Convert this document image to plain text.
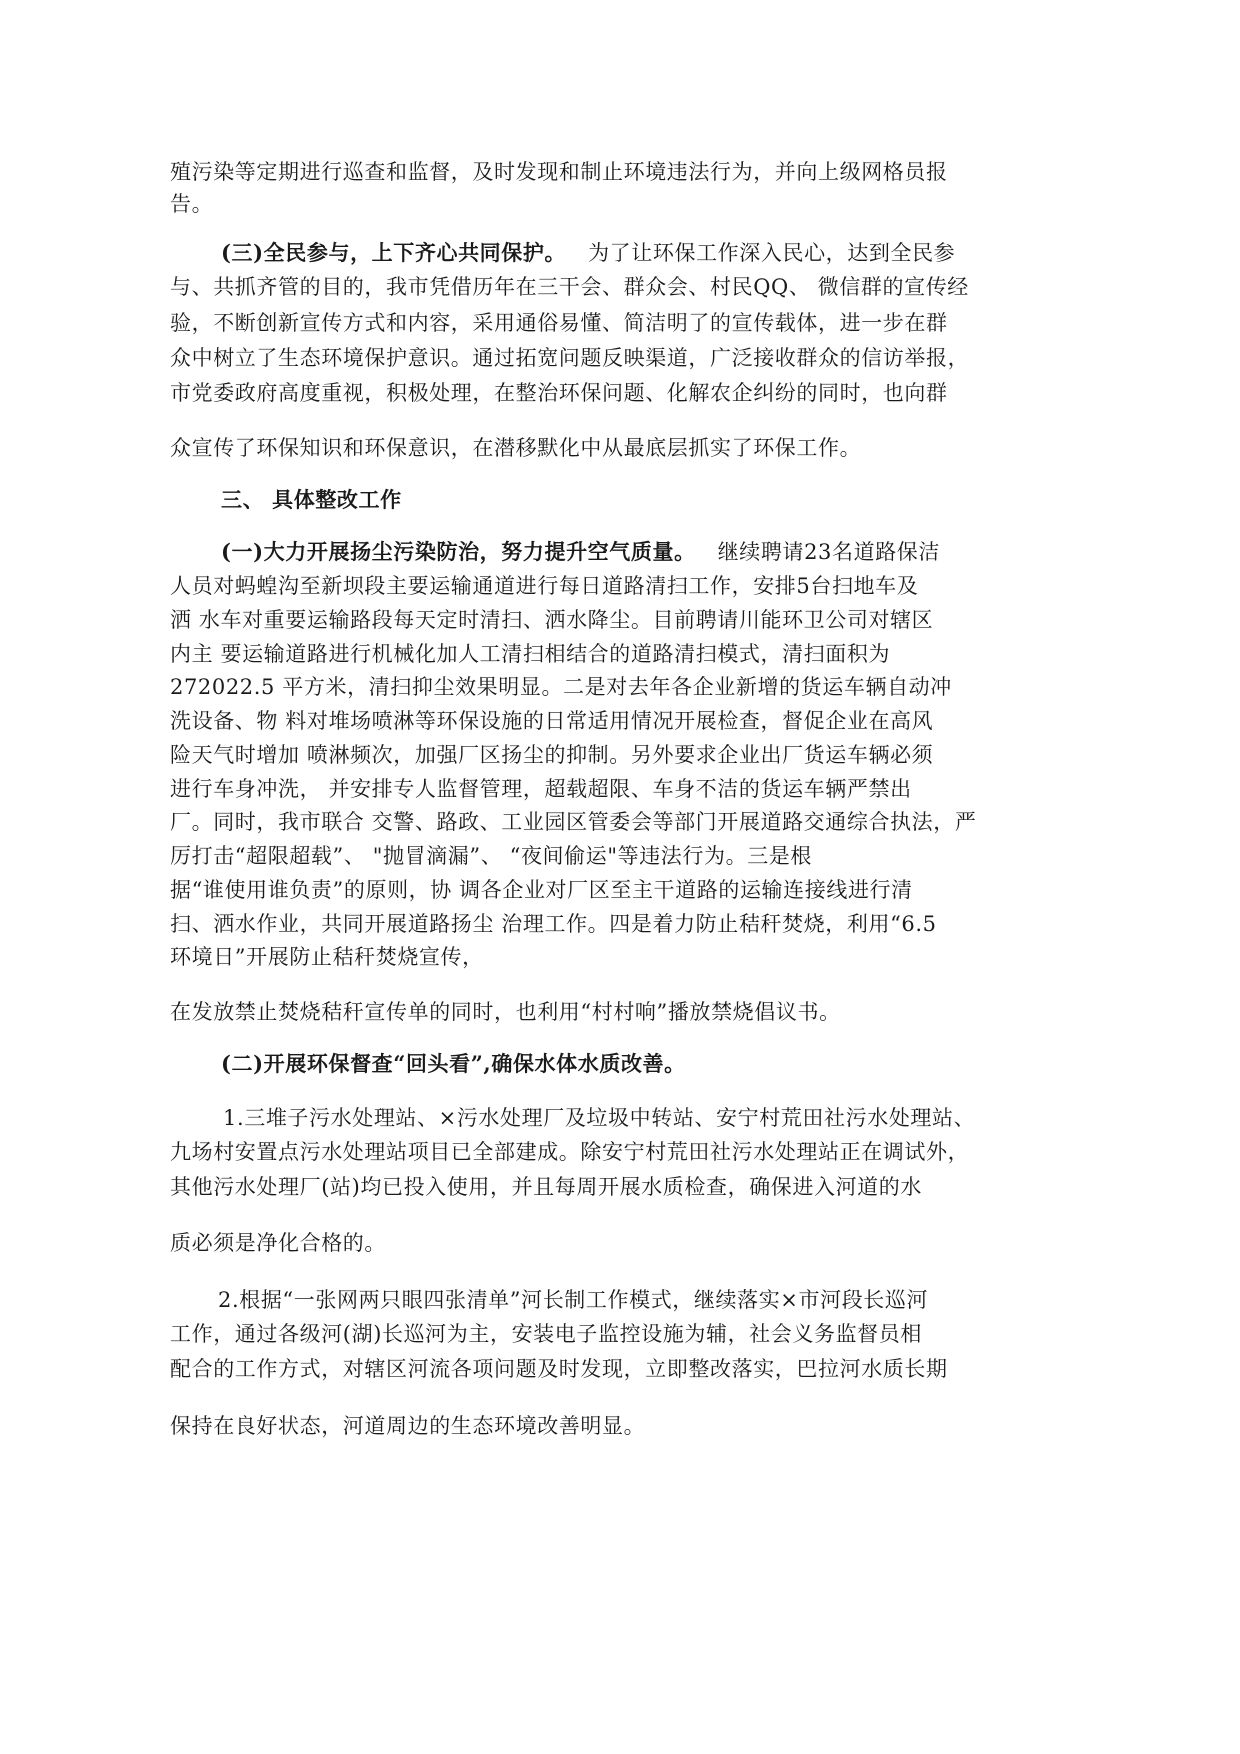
殖污染等定期进行巡查和监督，及时发现和制止环境违法行为，并向上级网格员报
告。
(三)全民参与，上下齐心共同保护。 为了让环保工作深入民心，达到全民参
与、共抓齐管的目的，我市凭借历年在三干会、群众会、村民QQ、 微信群的宣传经
验，不断创新宣传方式和内容，采用通俗易懂、简洁明了的宣传载体，进一步在群
众中树立了生态环境保护意识。通过拓宽问题反映渠道，广泛接收群众的信访举报，
市党委政府高度重视，积极处理，在整治环保问题、化解农企纠纷的同时，也向群
众宣传了环保知识和环保意识，在潜移默化中从最底层抓实了环保工作。
三、 具体整改工作
(一)大力开展扬尘污染防治，努力提升空气质量。 继续聘请23名道路保洁
人员对蚂蝗沟至新坝段主要运输通道进行每日道路清扫工作，安排5台扫地车及
洒 水车对重要运输路段每天定时清扫、洒水降尘。目前聘请川能环卫公司对辖区
内主 要运输道路进行机械化加人工清扫相结合的道路清扫模式，清扫面积为
272022.5 平方米，清扫抑尘效果明显。二是对去年各企业新增的货运车辆自动冲
洗设备、物 料对堆场喷淋等环保设施的日常适用情况开展检查，督促企业在高风
险天气时增加 喷淋频次，加强厂区扬尘的抑制。另外要求企业出厂货运车辆必须
进行车身冲洗， 并安排专人监督管理，超载超限、车身不洁的货运车辆严禁出
厂。同时，我市联合 交警、路政、工业园区管委会等部门开展道路交通综合执法，严
厉打击“超限超载”、 "抛冒滴漏”、 “夜间偷运"等违法行为。三是根
据“谁使用谁负责”的原则，协 调各企业对厂区至主干道路的运输连接线进行清
扫、洒水作业，共同开展道路扬尘 治理工作。四是着力防止秸秆焚烧，利用“6.5
环境日”开展防止秸秆焚烧宣传，
在发放禁止焚烧秸秆宣传单的同时，也利用“村村响”播放禁烧倡议书。
(二)开展环保督查“回头看”,确保水体水质改善。
1.三堆子污水处理站、×污水处理厂及垃圾中转站、安宁村荒田社污水处理站、
九场村安置点污水处理站项目已全部建成。除安宁村荒田社污水处理站正在调试外，
其他污水处理厂(站)均已投入使用，并且每周开展水质检查，确保进入河道的水
质必须是净化合格的。
2.根据“一张网两只眼四张清单”河长制工作模式，继续落实×市河段长巡河
工作，通过各级河(湖)长巡河为主，安装电子监控设施为辅，社会义务监督员相
配合的工作方式，对辖区河流各项问题及时发现，立即整改落实，巴拉河水质长期
保持在良好状态，河道周边的生态环境改善明显。
